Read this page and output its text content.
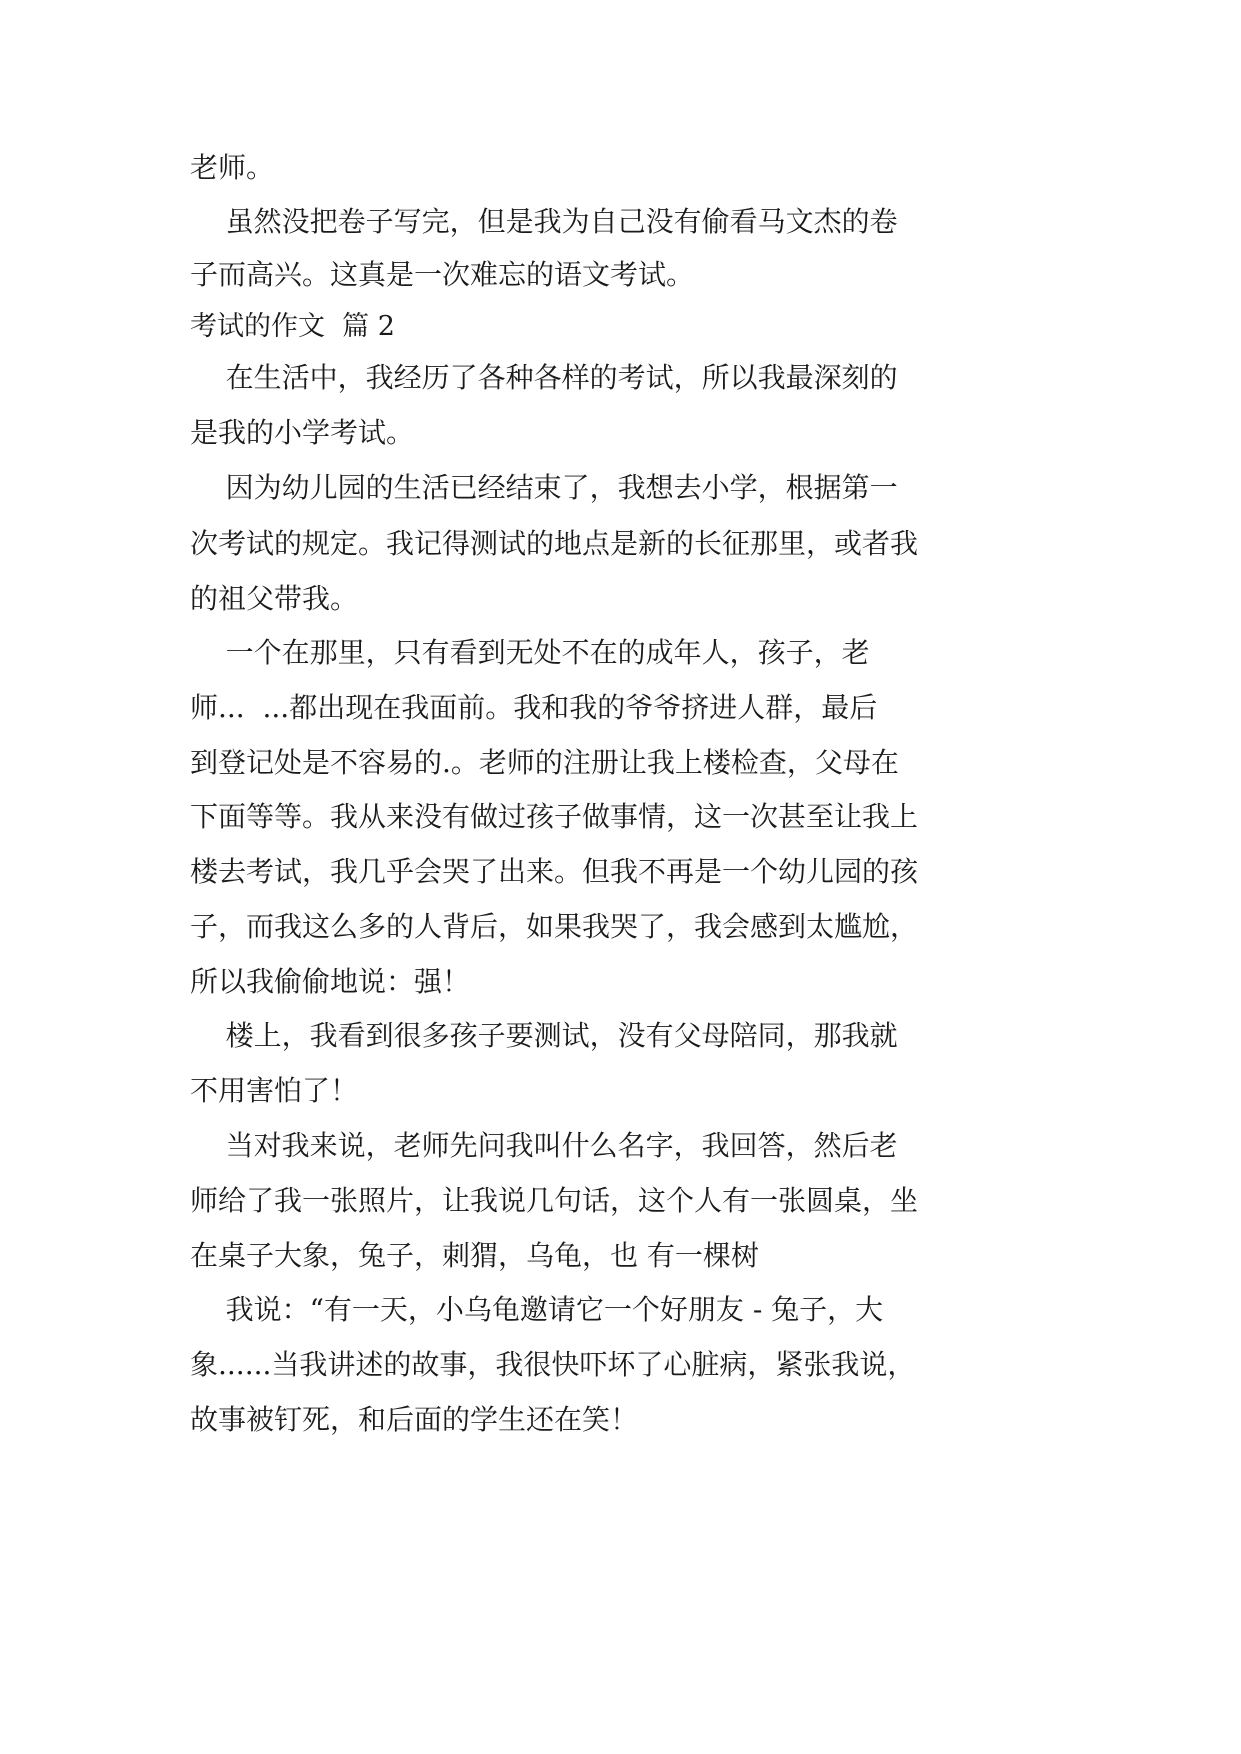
老师。
虽然没把卷子写完，但是我为自己没有偷看马文杰的卷
子而高兴。这真是一次难忘的语文考试。
考试的作文  篇 2
在生活中，我经历了各种各样的考试，所以我最深刻的
是我的小学考试。
因为幼儿园的生活已经结束了，我想去小学，根据第一
次考试的规定。我记得测试的地点是新的长征那里，或者我
的祖父带我。
一个在那里，只有看到无处不在的成年人，孩子，老
师...  ...都出现在我面前。我和我的爷爷挤进人群，最后
到登记处是不容易的.。老师的注册让我上楼检查，父母在
下面等等。我从来没有做过孩子做事情，这一次甚至让我上
楼去考试，我几乎会哭了出来。但我不再是一个幼儿园的孩
子，而我这么多的人背后，如果我哭了，我会感到太尴尬，
所以我偷偷地说：强！
楼上，我看到很多孩子要测试，没有父母陪同，那我就
不用害怕了！
当对我来说，老师先问我叫什么名字，我回答，然后老
师给了我一张照片，让我说几句话，这个人有一张圆桌，坐
在桌子大象，兔子，刺猬，乌龟，也 有一棵树
我说：“有一天，小乌龟邀请它一个好朋友 - 兔子，大
象......当我讲述的故事，我很快吓坏了心脏病，紧张我说，
故事被钉死，和后面的学生还在笑！
